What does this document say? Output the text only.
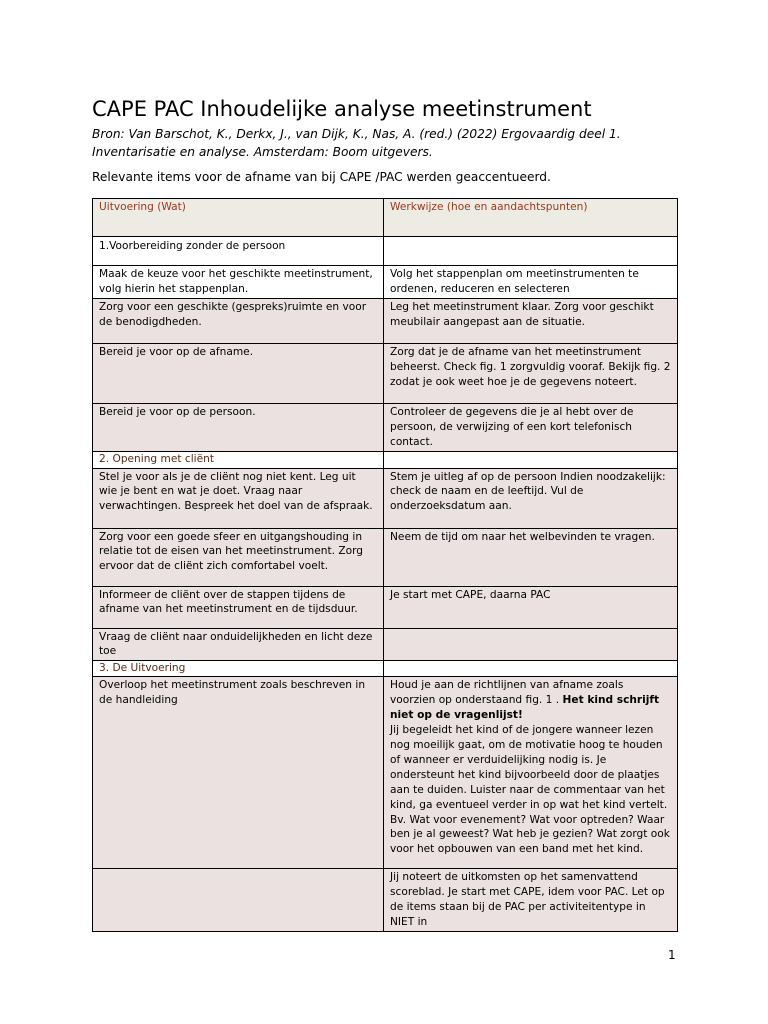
CAPE PAC Inhoudelijke analyse meetinstrument
Bron: Van Barschot, K., Derkx, J., van Dijk, K., Nas, A. (red.) (2022) Ergovaardig deel 1. Inventarisatie en analyse. Amsterdam: Boom uitgevers.
Relevante items voor de afname van bij CAPE /PAC werden geaccentueerd.
Uitvoering (Wat)	Werkwijze (hoe en aandachtspunten)
1.Voorbereiding zonder de persoon	
Maak de keuze voor het geschikte meetinstrument, volg hierin het stappenplan.	Volg het stappenplan om meetinstrumenten te ordenen, reduceren en selecteren
Zorg voor een geschikte (gespreks)ruimte en voor de benodigdheden.	Leg het meetinstrument klaar. Zorg voor geschikt meubilair aangepast aan de situatie.
Bereid je voor op de afname.	Zorg dat je de afname van het meetinstrument beheerst. Check fig. 1 zorgvuldig vooraf. Bekijk fig. 2 zodat je ook weet hoe je de gegevens noteert.
Bereid je voor op de persoon.	Controleer de gegevens die je al hebt over de persoon, de verwijzing of een kort telefonisch contact.
2. Opening met cliënt	
Stel je voor als je de cliënt nog niet kent. Leg uit wie je bent en wat je doet. Vraag naar verwachtingen. Bespreek het doel van de afspraak.	Stem je uitleg af op de persoon Indien noodzakelijk: check de naam en de leeftijd. Vul de onderzoeksdatum aan.
Zorg voor een goede sfeer en uitgangshouding in relatie tot de eisen van het meetinstrument. Zorg ervoor dat de cliënt zich comfortabel voelt.	Neem de tijd om naar het welbevinden te vragen.
Informeer de cliënt over de stappen tijdens de afname van het meetinstrument en de tijdsduur.	Je start met CAPE, daarna PAC
Vraag de cliënt naar onduidelijkheden en licht deze toe	
3. De Uitvoering	
Overloop het meetinstrument zoals beschreven in de handleiding	Houd je aan de richtlijnen van afname zoals voorzien op onderstaand fig. 1 . Het kind schrijft niet op de vragenlijst!
Jij begeleidt het kind of de jongere wanneer lezen nog moeilijk gaat, om de motivatie hoog te houden of wanneer er verduidelijking nodig is. Je ondersteunt het kind bijvoorbeeld door de plaatjes aan te duiden. Luister naar de commentaar van het kind, ga eventueel verder in op wat het kind vertelt. Bv. Wat voor evenement? Wat voor optreden? Waar ben je al geweest? Wat heb je gezien? Wat zorgt ook voor het opbouwen van een band met het kind.
	Jij noteert de uitkomsten op het samenvattend scoreblad. Je start met CAPE, idem voor PAC. Let op de items staan bij de PAC per activiteitentype in NIET in
1
